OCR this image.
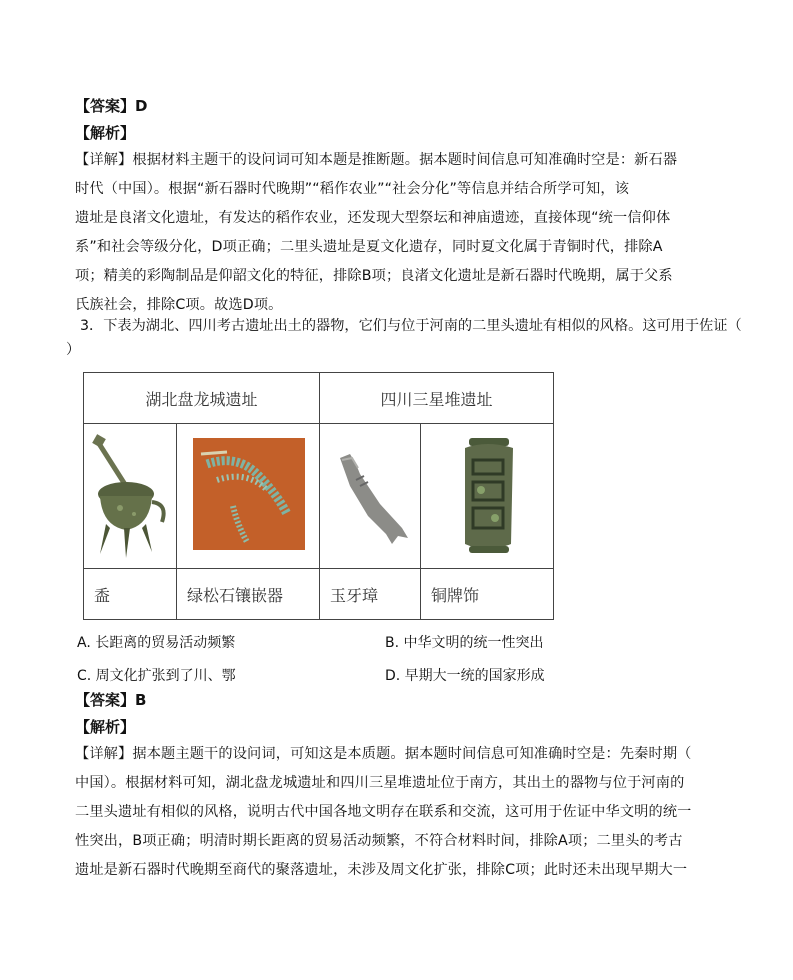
【答案】D
【解析】
【详解】根据材料主题干的设问词可知本题是推断题。据本题时间信息可知准确时空是：新石器
时代（中国）。根据“新石器时代晚期”“稻作农业”“社会分化”等信息并结合所学可知，该
遗址是良渚文化遗址，有发达的稻作农业，还发现大型祭坛和神庙遗迹，直接体现“统一信仰体
系”和社会等级分化，D项正确；二里头遗址是夏文化遗存，同时夏文化属于青铜时代，排除A
项；精美的彩陶制品是仰韶文化的特征，排除B项；良渚文化遗址是新石器时代晚期，属于父系
氏族社会，排除C项。故选D项。
3．下表为湖北、四川考古遗址出土的器物，它们与位于河南的二里头遗址有相似的风格。这可用于佐证（
）
湖北盘龙城遗址		四川三星堆遗址	

盉	绿松石镶嵌器	玉牙璋	铜牌饰
A. 长距离的贸易活动频繁	B. 中华文明的统一性突出
C. 周文化扩张到了川、鄂	D. 早期大一统的国家形成
【答案】B
【解析】
【详解】据本题主题干的设问词，可知这是本质题。据本题时间信息可知准确时空是：先秦时期（
中国）。根据材料可知，湖北盘龙城遗址和四川三星堆遗址位于南方，其出土的器物与位于河南的
二里头遗址有相似的风格，说明古代中国各地文明存在联系和交流，这可用于佐证中华文明的统一
性突出，B项正确；明清时期长距离的贸易活动频繁，不符合材料时间，排除A项；二里头的考古
遗址是新石器时代晚期至商代的聚落遗址，未涉及周文化扩张，排除C项；此时还未出现早期大一
